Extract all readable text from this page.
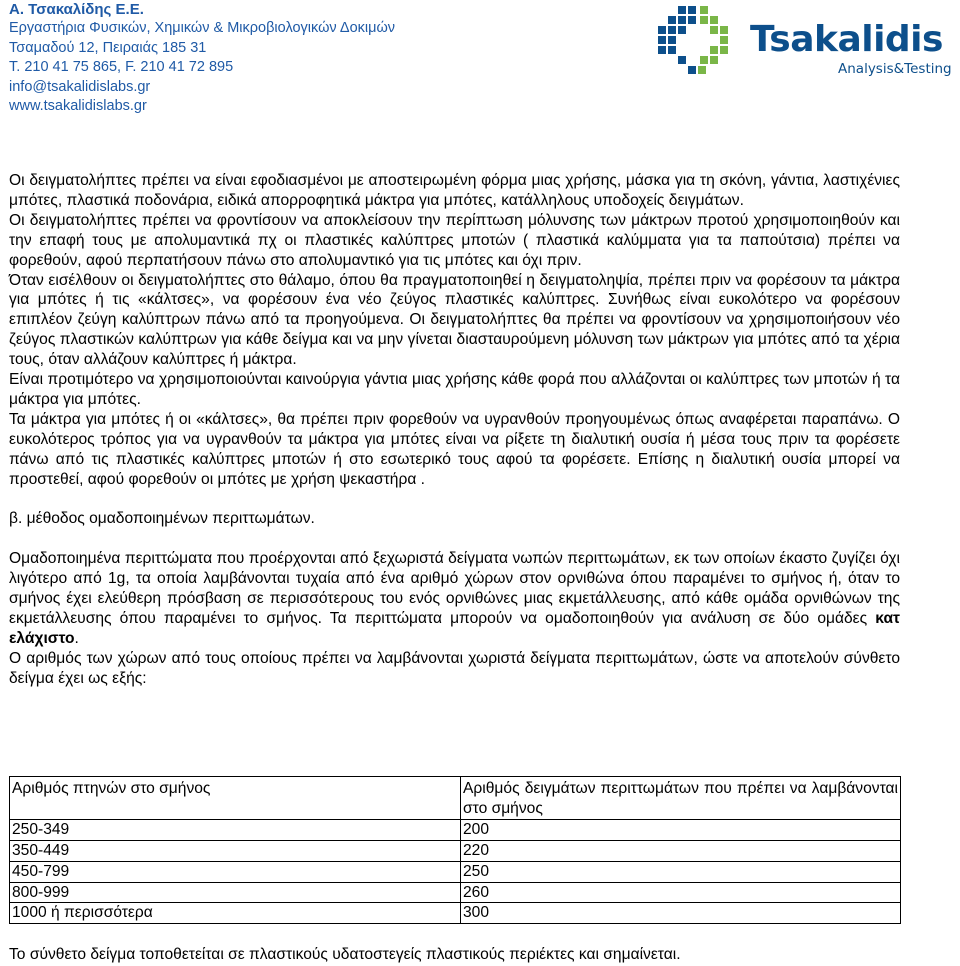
Α. Τσακαλίδης Ε.Ε.
Εργαστήρια Φυσικών, Χημικών & Μικροβιολογικών Δοκιμών
Τσαμαδού 12, Πειραιάς 185 31
Τ. 210 41 75 865, F. 210 41 72 895
info@tsakalidislabs.gr
www.tsakalidislabs.gr
Tsakalidis
Analysis&Testing

Οι δειγματολήπτες πρέπει να είναι εφοδιασμένοι με αποστειρωμένη φόρμα μιας χρήσης, μάσκα για τη σκόνη, γάντια, λαστιχένιες μπότες, πλαστικά ποδονάρια, ειδικά απορροφητικά μάκτρα για μπότες, κατάλληλους υποδοχείς δειγμάτων.

Οι δειγματολήπτες πρέπει να φροντίσουν να αποκλείσουν την περίπτωση μόλυνσης των μάκτρων προτού χρησιμοποιηθούν και την επαφή τους με απολυμαντικά πχ οι πλαστικές καλύπτρες μποτών ( πλαστικά καλύμματα για τα παπούτσια) πρέπει να φορεθούν, αφού περπατήσουν πάνω στο απολυμαντικό για τις μπότες και όχι πριν.

Όταν εισέλθουν οι δειγματολήπτες στο θάλαμο, όπου θα πραγματοποιηθεί η δειγματοληψία, πρέπει πριν να φορέσουν τα μάκτρα για μπότες ή τις «κάλτσες», να φορέσουν ένα νέο ζεύγος πλαστικές καλύπτρες. Συνήθως είναι ευκολότερο να φορέσουν επιπλέον ζεύγη καλύπτρων πάνω από τα προηγούμενα. Οι δειγματολήπτες θα πρέπει να φροντίσουν να χρησιμοποιήσουν νέο ζεύγος πλαστικών καλύπτρων για κάθε δείγμα και να μην γίνεται διασταυρούμενη μόλυνση των μάκτρων για μπότες από τα χέρια τους, όταν αλλάζουν καλύπτρες ή μάκτρα.

Είναι προτιμότερο να χρησιμοποιούνται καινούργια γάντια μιας χρήσης κάθε φορά που αλλάζονται οι καλύπτρες των μποτών ή τα μάκτρα για μπότες.

Τα μάκτρα για μπότες ή οι «κάλτσες», θα πρέπει πριν φορεθούν να υγρανθούν προηγουμένως όπως αναφέρεται παραπάνω. Ο ευκολότερος τρόπος για να υγρανθούν τα μάκτρα για μπότες είναι να ρίξετε τη διαλυτική ουσία ή μέσα τους πριν τα φορέσετε πάνω από τις πλαστικές καλύπτρες μποτών ή στο εσωτερικό τους αφού τα φορέσετε. Επίσης η διαλυτική ουσία μπορεί να προστεθεί, αφού φορεθούν οι μπότες με χρήση ψεκαστήρα .

β. μέθοδος ομαδοποιημένων περιττωμάτων.

Ομαδοποιημένα περιττώματα που προέρχονται από ξεχωριστά δείγματα νωπών περιττωμάτων, εκ των οποίων έκαστο ζυγίζει όχι λιγότερο από 1g, τα οποία λαμβάνονται τυχαία από ένα αριθμό χώρων στον ορνιθώνα όπου παραμένει το σμήνος ή, όταν το σμήνος έχει ελεύθερη πρόσβαση σε περισσότερους του ενός ορνιθώνες μιας εκμετάλλευσης, από κάθε ομάδα ορνιθώνων της εκμετάλλευσης όπου παραμένει το σμήνος. Τα περιττώματα μπορούν να ομαδοποιηθούν για ανάλυση σε δύο ομάδες κατ ελάχιστο.

Ο αριθμός των χώρων από τους οποίους πρέπει να λαμβάνονται χωριστά δείγματα περιττωμάτων, ώστε να αποτελούν σύνθετο δείγμα έχει ως εξής:

Αριθμός πτηνών στο σμήνος	Αριθμός δειγμάτων περιττωμάτων που πρέπει να λαμβάνονται στο σμήνος
250-349	200
350-449	220
450-799	250
800-999	260
1000 ή περισσότερα	300
Το σύνθετο δείγμα τοποθετείται σε πλαστικούς υδατοστεγείς πλαστικούς περιέκτες και σημαίνεται.
